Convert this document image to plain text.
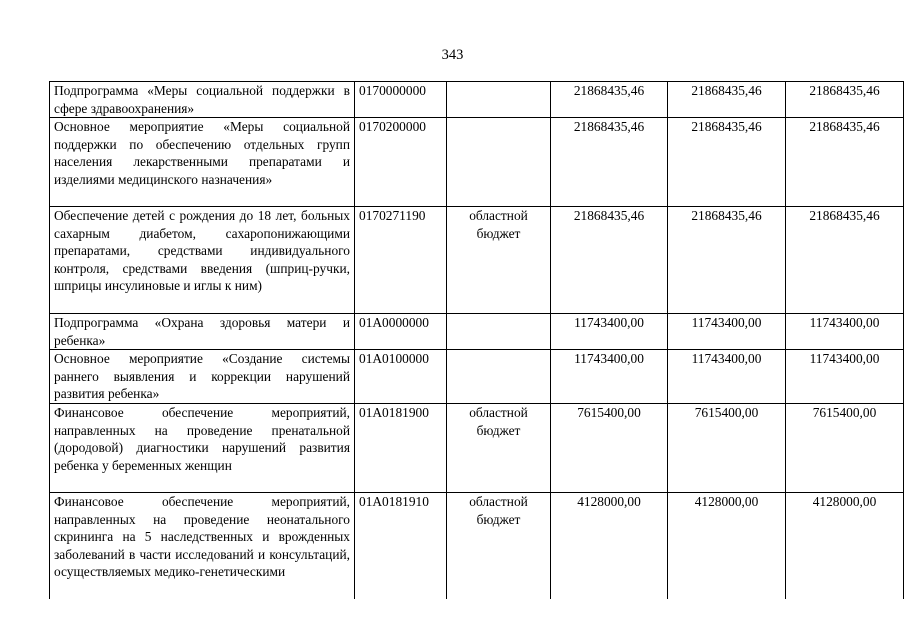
343
Подпрограмма «Меры социальной поддержки в сфере здравоохранения»	0170000000		21868435,46	21868435,46	21868435,46
Основное мероприятие «Меры социальной поддержки по обеспечению отдельных групп населения лекарственными препаратами и изделиями медицинского назначения»	0170200000		21868435,46	21868435,46	21868435,46
Обеспечение детей с рождения до 18 лет, больных сахарным диабетом, сахаропонижающими препаратами, средствами индивидуального контроля, средствами введения (шприц-ручки, шприцы инсулиновые и иглы к ним)	0170271190	областной бюджет	21868435,46	21868435,46	21868435,46
Подпрограмма «Охрана здоровья матери и ребенка»	01А0000000		11743400,00	11743400,00	11743400,00
Основное мероприятие «Создание системы раннего выявления и коррекции нарушений развития ребенка»	01А0100000		11743400,00	11743400,00	11743400,00
Финансовое обеспечение мероприятий, направленных на проведение пренатальной (дородовой) диагностики нарушений развития ребенка у беременных женщин	01А0181900	областной бюджет	7615400,00	7615400,00	7615400,00

Финансовое обеспечение мероприятий, направленных на проведение неонатального скрининга на 5 наследственных и врожденных заболеваний в части исследований и консультаций, осуществляемых медико-генетическими	01А0181910	областной бюджет	4128000,00	4128000,00	4128000,00
